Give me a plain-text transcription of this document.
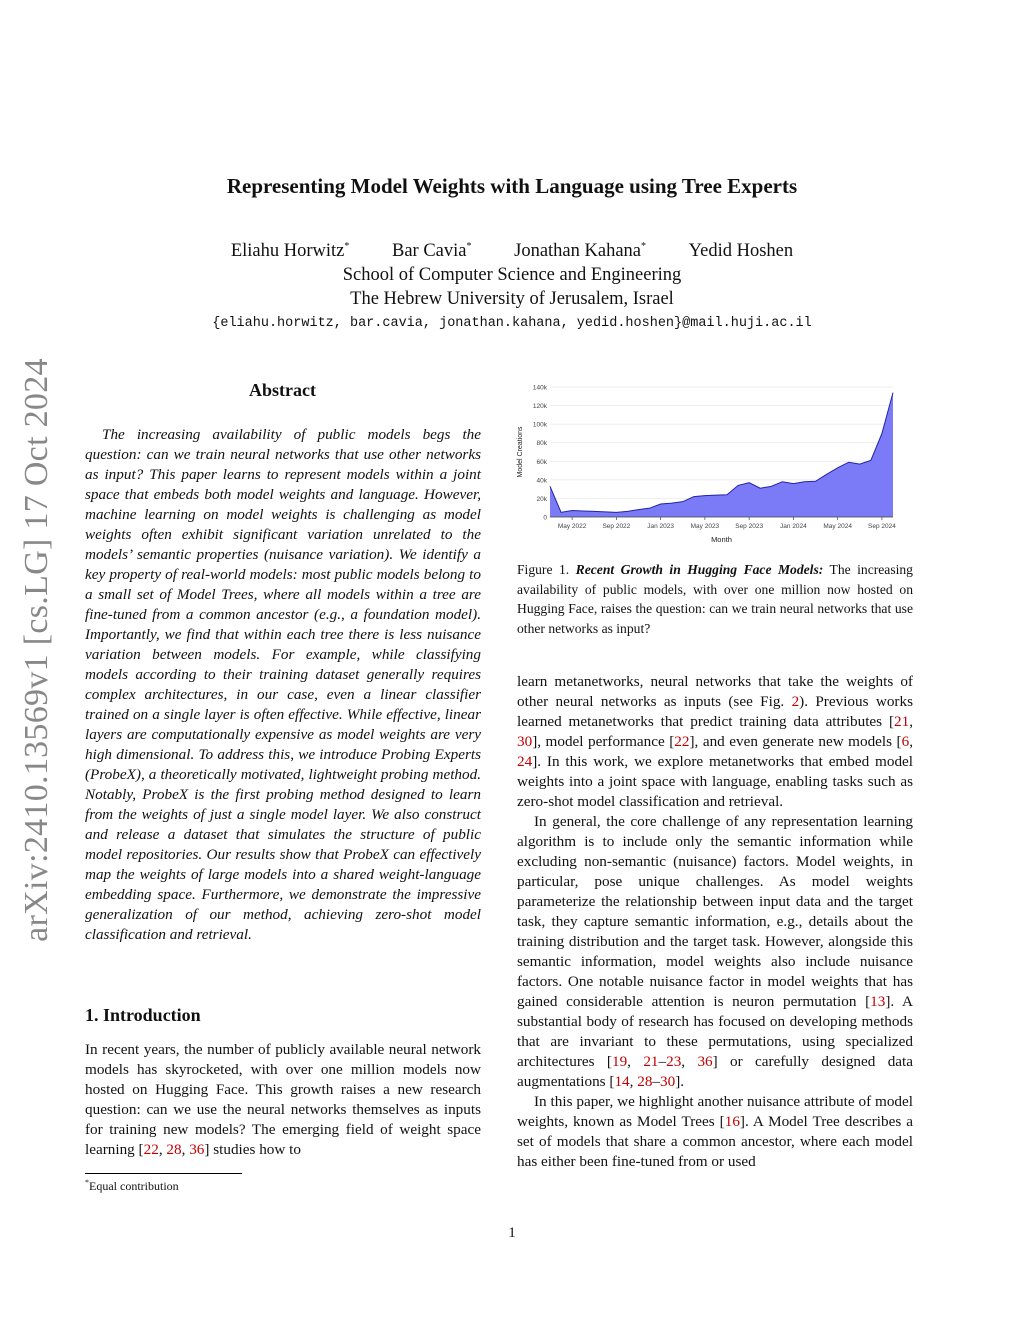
arXiv:2410.13569v1 [cs.LG] 17 Oct 2024
Representing Model Weights with Language using Tree Experts
Eliahu Horwitz* Bar Cavia* Jonathan Kahana* Yedid Hoshen
School of Computer Science and Engineering
The Hebrew University of Jerusalem, Israel
{eliahu.horwitz, bar.cavia, jonathan.kahana, yedid.hoshen}@mail.huji.ac.il
Abstract

The increasing availability of public models begs the question: can we train neural networks that use other networks as input? This paper learns to represent models within a joint space that embeds both model weights and language. However, machine learning on model weights is challenging as model weights often exhibit significant variation unrelated to the models’ semantic properties (nuisance variation). We identify a key property of real-world models: most public models belong to a small set of Model Trees, where all models within a tree are fine-tuned from a common ancestor (e.g., a foundation model). Importantly, we find that within each tree there is less nuisance variation between models. For example, while classifying models according to their training dataset generally requires complex architectures, in our case, even a linear classifier trained on a single layer is often effective. While effective, linear layers are computationally expensive as model weights are very high dimensional. To address this, we introduce Probing Experts (ProbeX), a theoretically motivated, lightweight probing method. Notably, ProbeX is the first probing method designed to learn from the weights of just a single model layer. We also construct and release a dataset that simulates the structure of public model repositories. Our results show that ProbeX can effectively map the weights of large models into a shared weight-language embedding space. Furthermore, we demonstrate the impressive generalization of our method, achieving zero-shot model classification and retrieval.

1. Introduction

In recent years, the number of publicly available neural network models has skyrocketed, with over one million models now hosted on Hugging Face. This growth raises a new research question: can we use the neural networks themselves as inputs for training new models? The emerging field of weight space learning [22, 28, 36] studies how to

*Equal contribution
0
20k
40k
60k
80k
100k
120k
140k
May 2022 Sep 2022	Jan 2023	May 2023 Sep 2023	Jan 2024	May 2024 Sep 2024
Month
Model Creations
Figure 1. Recent Growth in Hugging Face Models: The increasing availability of public models, with over one million now hosted on Hugging Face, raises the question: can we train neural networks that use other networks as input?

learn metanetworks, neural networks that take the weights of other neural networks as inputs (see Fig. 2). Previous works learned metanetworks that predict training data attributes [21, 30], model performance [22], and even generate new models [6, 24]. In this work, we explore metanetworks that embed model weights into a joint space with language, enabling tasks such as zero-shot model classification and retrieval.

In general, the core challenge of any representation learning algorithm is to include only the semantic information while excluding non-semantic (nuisance) factors. Model weights, in particular, pose unique challenges. As model weights parameterize the relationship between input data and the target task, they capture semantic information, e.g., details about the training distribution and the target task. However, alongside this semantic information, model weights also include nuisance factors. One notable nuisance factor in model weights that has gained considerable attention is neuron permutation [13]. A substantial body of research has focused on developing methods that are invariant to these permutations, using specialized architectures [19, 21–23, 36] or carefully designed data augmentations [14, 28–30].

In this paper, we highlight another nuisance attribute of model weights, known as Model Trees [16]. A Model Tree describes a set of models that share a common ancestor, where each model has either been fine-tuned from or used

1
